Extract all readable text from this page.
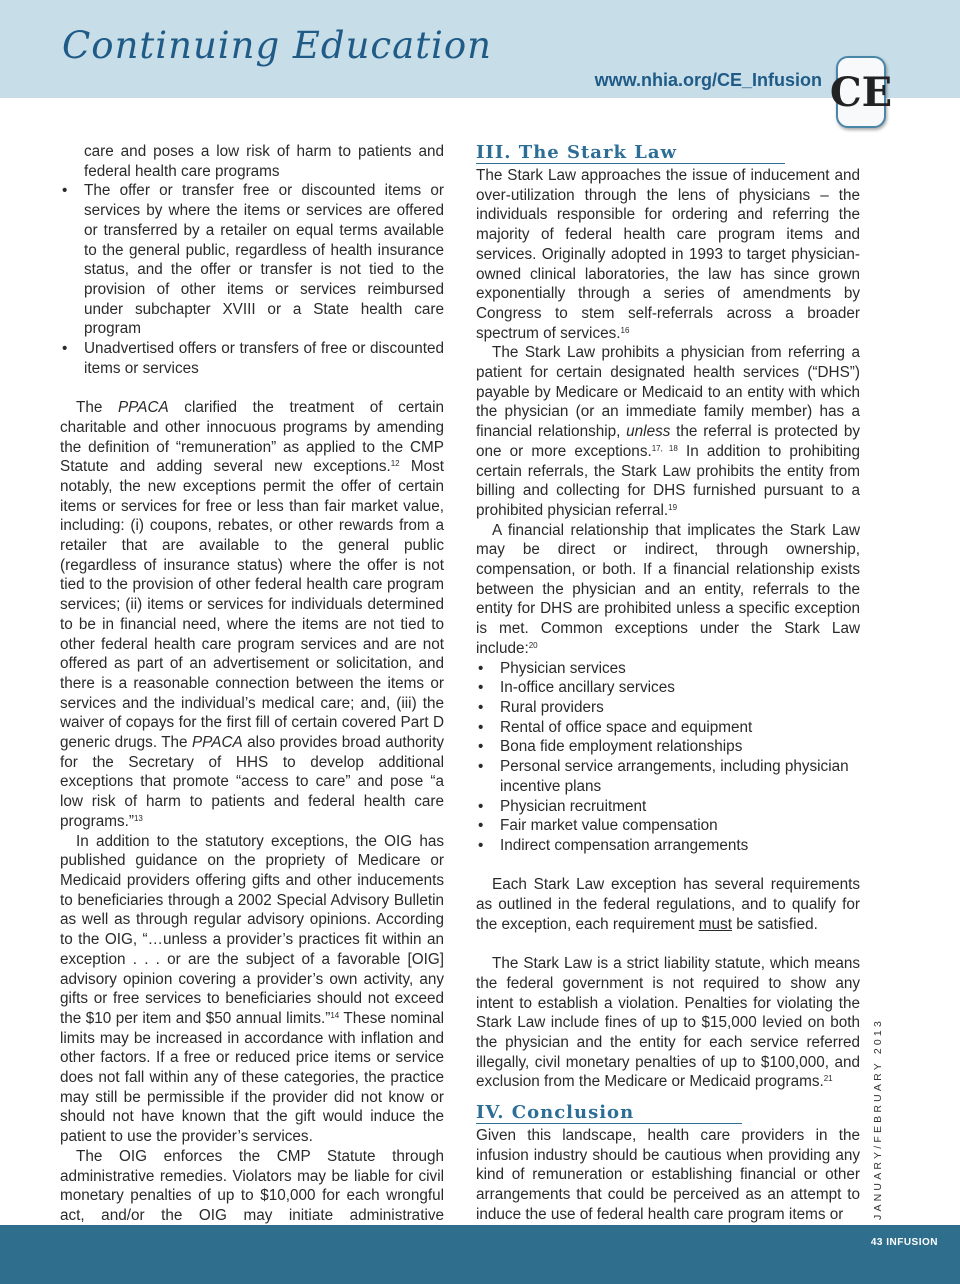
Continuing Education
www.nhia.org/CE_Infusion CE

care and poses a low risk of harm to patients and federal health care programs

• The offer or transfer free or discounted items or services by where the items or services are offered or transferred by a retailer on equal terms available to the general public, regardless of health insurance status, and the offer or transfer is not tied to the provision of other items or services reimbursed under subchapter XVIII or a State health care program
• Unadvertised offers or transfers of free or discounted items or services

The PPACA clarified the treatment of certain charitable and other innocuous programs by amending the definition of “remuneration” as applied to the CMP Statute and adding several new exceptions.$^{12}$ Most notably, the new exceptions permit the offer of certain items or services for free or less than fair market value, including: (i) coupons, rebates, or other rewards from a retailer that are available to the general public (regardless of insurance status) where the offer is not tied to the provision of other federal health care program services; (ii) items or services for individuals determined to be in financial need, where the items are not tied to other federal health care program services and are not offered as part of an advertisement or solicitation, and there is a reasonable connection between the items or services and the individual’s medical care; and, (iii) the waiver of copays for the first fill of certain covered Part D generic drugs. The PPACA also provides broad authority for the Secretary of HHS to develop additional exceptions that promote “access to care” and pose “a low risk of harm to patients and federal health care programs.”$^{13}$

In addition to the statutory exceptions, the OIG has published guidance on the propriety of Medicare or Medicaid providers offering gifts and other inducements to beneficiaries through a 2002 Special Advisory Bulletin as well as through regular advisory opinions. According to the OIG, “…unless a provider’s practices fit within an exception . . . or are the subject of a favorable [OIG] advisory opinion covering a provider’s own activity, any gifts or free services to beneficiaries should not exceed the $10 per item and $50 annual limits.”$^{14}$ These nominal limits may be increased in accordance with inflation and other factors. If a free or reduced price items or service does not fall within any of these categories, the practice may still be permissible if the provider did not know or should not have known that the gift would induce the patient to use the provider’s services.

The OIG enforces the CMP Statute through administrative remedies. Violators may be liable for civil monetary penalties of up to $10,000 for each wrongful act, and/or the OIG may initiate administrative

III. The Stark Law

The Stark Law approaches the issue of inducement and over-utilization through the lens of physicians – the individuals responsible for ordering and referring the majority of federal health care program items and services. Originally adopted in 1993 to target physician-owned clinical laboratories, the law has since grown exponentially through a series of amendments by Congress to stem self-referrals across a broader spectrum of services.$^{16}$

The Stark Law prohibits a physician from referring a patient for certain designated health services (“DHS”) payable by Medicare or Medicaid to an entity with which the physician (or an immediate family member) has a financial relationship, unless the referral is protected by one or more exceptions.$^{17, 18}$ In addition to prohibiting certain referrals, the Stark Law prohibits the entity from billing and collecting for DHS furnished pursuant to a prohibited physician referral.$^{19}$

A financial relationship that implicates the Stark Law may be direct or indirect, through ownership, compensation, or both. If a financial relationship exists between the physician and an entity, referrals to the entity for DHS are prohibited unless a specific exception is met. Common exceptions under the Stark Law include:$^{20}$

• Physician services
• In-office ancillary services
• Rural providers
• Rental of office space and equipment
• Bona fide employment relationships
• Personal service arrangements, including physician incentive plans
• Physician recruitment
• Fair market value compensation
• Indirect compensation arrangements

Each Stark Law exception has several requirements as outlined in the federal regulations, and to qualify for the exception, each requirement must be satisfied.

The Stark Law is a strict liability statute, which means the federal government is not required to show any intent to establish a violation. Penalties for violating the Stark Law include fines of up to $15,000 levied on both the physician and the entity for each service referred illegally, civil monetary penalties of up to $100,000, and exclusion from the Medicare or Medicaid programs.$^{21}$

IV. Conclusion

Given this landscape, health care providers in the infusion industry should be cautious when providing any kind of remuneration or establishing financial or other arrangements that could be perceived as an attempt to induce the use of federal health care program items or	JANUARY/FEBRUARY 2013
43 INFUSION
